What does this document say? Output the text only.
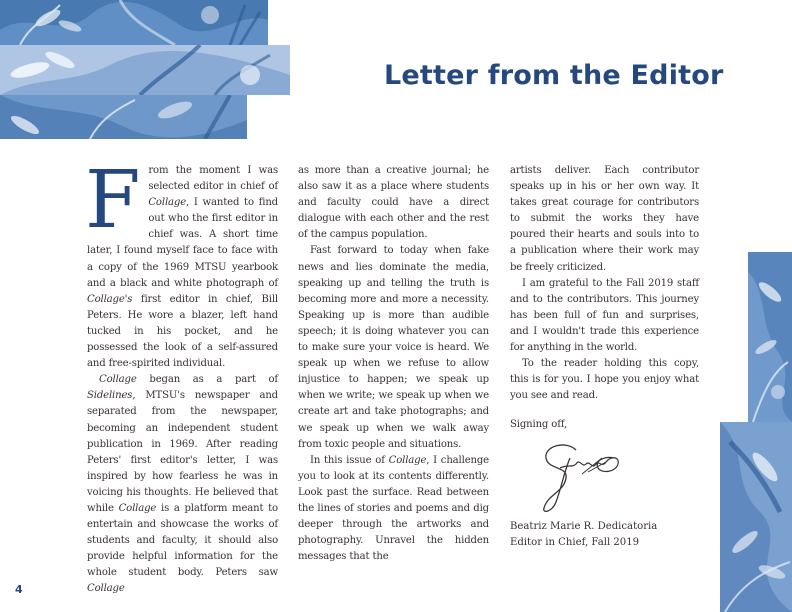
Letter from the Editor
F rom the moment I was selected editor in chief of Collage, I wanted to find out who the first editor in chief was. A short time later, I found myself face to face with a copy of the 1969 MTSU yearbook and a black and white photograph of Collage's first editor in chief, Bill Peters. He wore a blazer, left hand tucked in his pocket, and he possessed the look of a self-assured and free-spirited individual.

Collage began as a part of Sidelines, MTSU's newspaper and separated from the newspaper, becoming an independent student publication in 1969. After reading Peters' first editor's letter, I was inspired by how fearless he was in voicing his thoughts. He believed that while Collage is a platform meant to entertain and showcase the works of students and faculty, it should also provide helpful information for the whole student body. Peters saw Collage

as more than a creative journal; he also saw it as a place where students and faculty could have a direct dialogue with each other and the rest of the campus population.

Fast forward to today when fake news and lies dominate the media, speaking up and telling the truth is becoming more and more a necessity. Speaking up is more than audible speech; it is doing whatever you can to make sure your voice is heard. We speak up when we refuse to allow injustice to happen; we speak up when we write; we speak up when we create art and take photographs; and we speak up when we walk away from toxic people and situations.

In this issue of Collage, I challenge you to look at its contents differently. Look past the surface. Read between the lines of stories and poems and dig deeper through the artworks and photography. Unravel the hidden messages that the

artists deliver. Each contributor speaks up in his or her own way. It takes great courage for contributors to submit the works they have poured their hearts and souls into to a publication where their work may be freely criticized.

I am grateful to the Fall 2019 staff and to the contributors. This journey has been full of fun and surprises, and I wouldn't trade this experience for anything in the world.

To the reader holding this copy, this is for you. I hope you enjoy what you see and read.

Signing off,

Beatriz Marie R. Dedicatoria
Editor in Chief, Fall 2019
4
